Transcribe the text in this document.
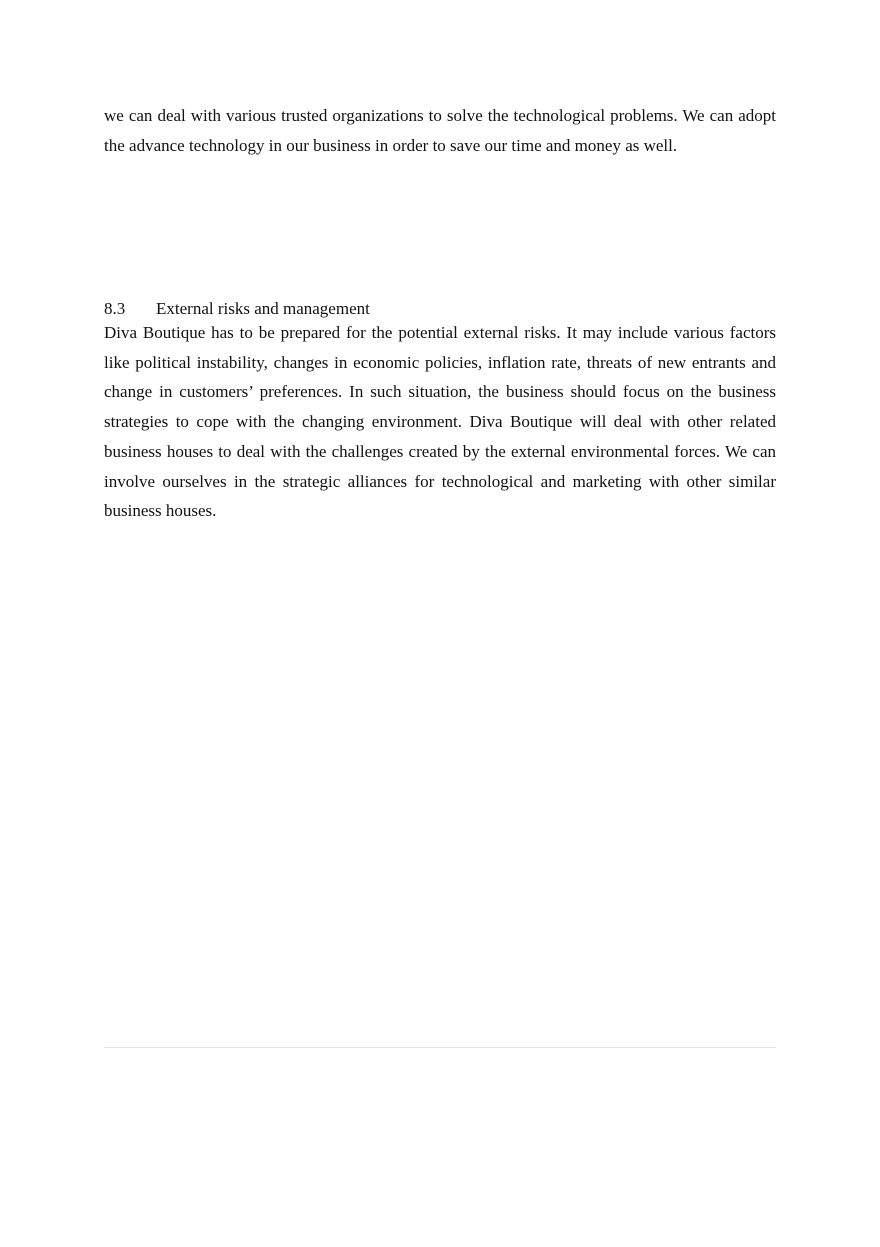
we can deal with various trusted organizations to solve the technological problems. We can adopt the advance technology in our business in order to save our time and money as well.

8.3	External risks and management

Diva Boutique has to be prepared for the potential external risks. It may include various factors like political instability, changes in economic policies, inflation rate, threats of new entrants and change in customers’ preferences. In such situation, the business should focus on the business strategies to cope with the changing environment. Diva Boutique will deal with other related business houses to deal with the challenges created by the external environmental forces. We can involve ourselves in the strategic alliances for technological and marketing with other similar business houses.
